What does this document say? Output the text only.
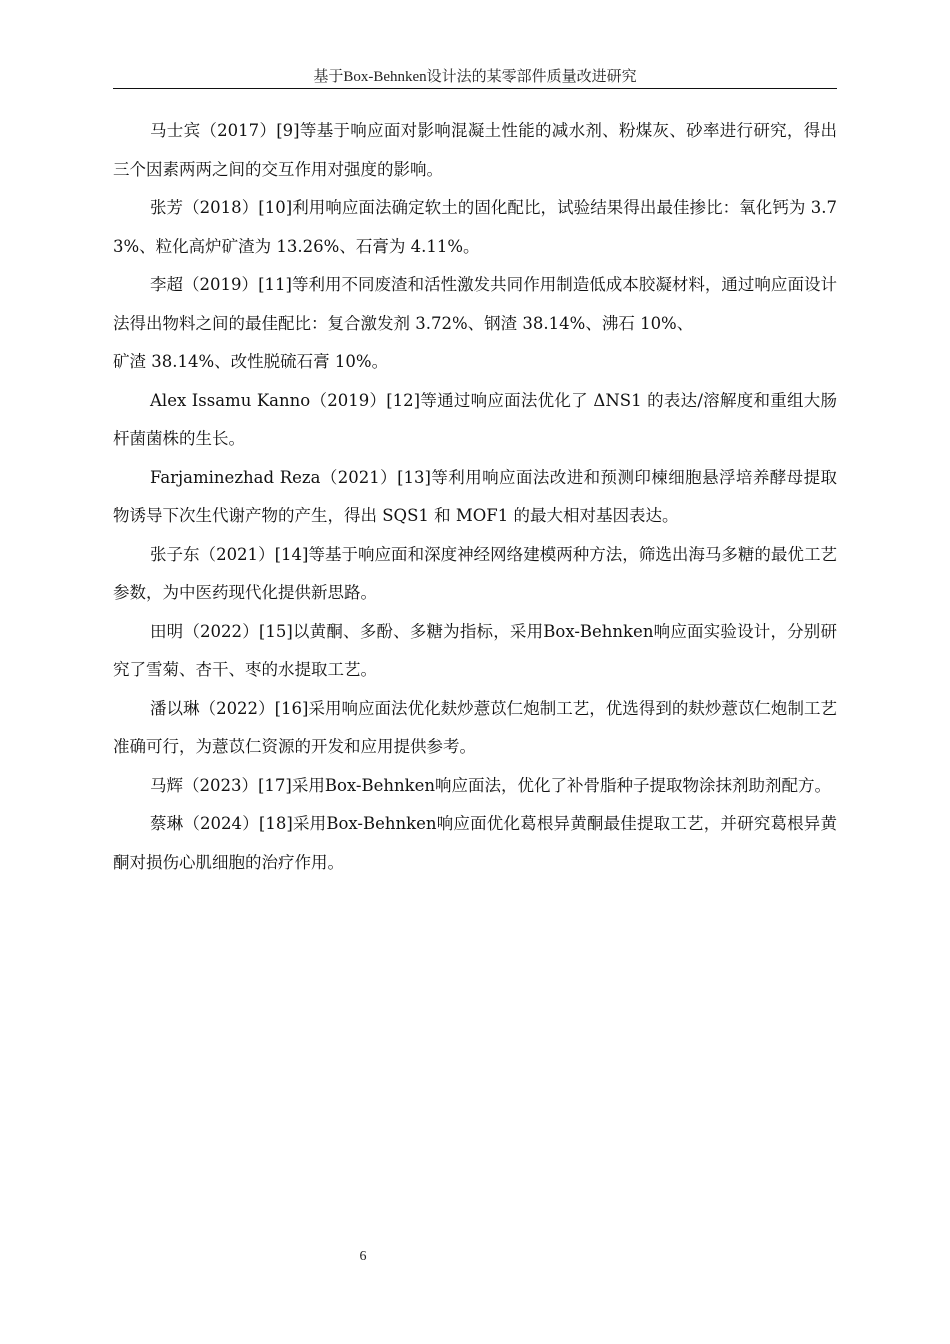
基于Box-Behnken设计法的某零部件质量改进研究

马士宾（2017）[9]等基于响应面对影响混凝土性能的减水剂、粉煤灰、砂率进行研究，得出三个因素两两之间的交互作用对强度的影响。

张芳（2018）[10]利用响应面法确定软土的固化配比，试验结果得出最佳掺比：氧化钙为 3.73%、粒化高炉矿渣为 13.26%、石膏为 4.11%。

李超（2019）[11]等利用不同废渣和活性激发共同作用制造低成本胶凝材料，通过响应面设计法得出物料之间的最佳配比：复合激发剂 3.72%、钢渣 38.14%、沸石 10%、

矿渣 38.14%、改性脱硫石膏 10%。

Alex Issamu Kanno（2019）[12]等通过响应面法优化了 ΔNS1 的表达/溶解度和重组大肠杆菌菌株的生长。

Farjaminezhad Reza（2021）[13]等利用响应面法改进和预测印楝细胞悬浮培养酵母提取物诱导下次生代谢产物的产生，得出 SQS1 和 MOF1 的最大相对基因表达。

张子东（2021）[14]等基于响应面和深度神经网络建模两种方法，筛选出海马多糖的最优工艺参数，为中医药现代化提供新思路。

田明（2022）[15]以黄酮、多酚、多糖为指标，采用Box-Behnken响应面实验设计，分别研究了雪菊、杏干、枣的水提取工艺。

潘以琳（2022）[16]采用响应面法优化麸炒薏苡仁炮制工艺，优选得到的麸炒薏苡仁炮制工艺准确可行，为薏苡仁资源的开发和应用提供参考。

马辉（2023）[17]采用Box-Behnken响应面法，优化了补骨脂种子提取物涂抹剂助剂配方。

蔡琳（2024）[18]采用Box-Behnken响应面优化葛根异黄酮最佳提取工艺，并研究葛根异黄酮对损伤心肌细胞的治疗作用。

6
